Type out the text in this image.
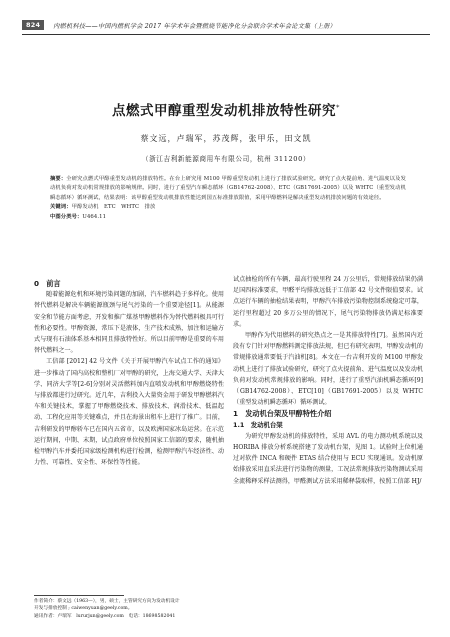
824	内燃机科技——中国内燃机学会 2017 年学术年会暨燃烧节能净化分会联合学术年会论文集（上册）
点燃式甲醇重型发动机排放特性研究*
蔡文远，卢瑞军，苏茂辉，张甲乐，田文凯
（浙江吉利新能源商用车有限公司，杭州 311200）

摘要：全研究点燃式甲醇重型发动机的排放特性。在台上研究用 M100 甲醇重型发动机上进行了排放试验研究。研究了点火提前角、进气温度以及发动机负荷对发动机常规排放的影响规律。同时，进行了重型汽车瞬态循环（GB14762-2008）、ETC（GB17691-2005）以及 WHTC（重型发动机瞬态循环）循环测试，结果表明：该甲醇重型发动机排放性能达到国五标准排放限值，采用甲醇燃料是解决重型发动机排放问题的有效途径。

关键词：甲醇发动机　ETC　WHTC　排放

中图分类号：U464.11

0　前言

随着能源危机和环境污染问题的加剧，汽车燃料趋于多样化。使用替代燃料是解决车辆能源瓶颈与尾气污染的一个重要途径[1]。从能源安全和节能方面考虑，开发和推广煤基甲醇燃料作为替代燃料极具可行性和必要性。甲醇资源，常压下是液体，生产技术成熟，加注和运输方式与现有石油体系基本相同且排放特性好。所以目前甲醇是重要的车用替代燃料之一。

工信部 [2012] 42 号文件《关于开展甲醇汽车试点工作的通知》进一步推动了国内高校和整机厂对甲醇的研究，上海交通大学、天津大学、同济大学等[2-6]分别对灵活燃料加内直喷发动机和甲醇燃烧特性与排放都进行过研究。近几年，吉利投入大量资金用于研发甲醇燃料汽车和关键技术，掌握了甲醇燃烧技术、排放技术、润滑技术、低温起动、工程化应用等关键难点，并且在海景出租车上进行了推广。目前，吉利研发的甲醇轿车已在国内五省市，以及欧洲国家冰岛运营。在示范运行期间，中期、末期，试点政府单位按照国家工信部的要求，随机抽检甲醇汽车并委托国家级检测机构进行检测，检测甲醇汽车经济性、动力性、可靠性、安全性、环保性等性能。

试点抽检的所有车辆，最高行驶里程 24 万公里后，常规排放结果仍满足国四标准要求，甲醛平均排放远低于工信部 42 号文件限值要求。试点运行车辆的抽检结果表明，甲醇汽车排放污染物控制系统稳定可靠，运行里程超过 20 多万公里的情况下，尾气污染物排放仍满足标准要求。

甲醇作为代用燃料的研究热点之一是其排放特性[7]。虽然国内近段有专门针对甲醇燃料测定排放法规，但已有研究表明，甲醇发动机的常规排放通常要低于汽油机[8]。本文在一台吉利开发的 M100 甲醇发动机上进行了排放试验研究，研究了点火提前角、进气温度以及发动机负荷对发动机常规排放的影响。同时，进行了重型汽油机瞬态循环[9]（GB14762-2008）、ETC[10]（GB17691-2005）以及 WHTC（重型发动机瞬态循环）循环测试。

1　发动机台架及甲醇特性介绍

1.1　发动机台架

为研究甲醇发动机的排放特性，采用 AVL 的电力测功机系统以及 HORIBA 排放分析系统搭建了发动机台架，见图 1。试验时上位机通过对软件 INCA 和硬件 ETAS 结合使用与 ECU 实现通讯。发动机原始排放采用直采法进行污染物的测量，工况法常规排放污染物测试采用全流稀释采样法测得，甲醛测试方法采用稀释袋取样，按照工信部 HJ/

作者简介：蔡文远（1963—），男，硕士，主管研究方向为发动机设计
开发与排放控制 ; caiwenyuan@geely.com。
通讯作者：卢瑞军　lururjun@geely.com　电话：18698582041
